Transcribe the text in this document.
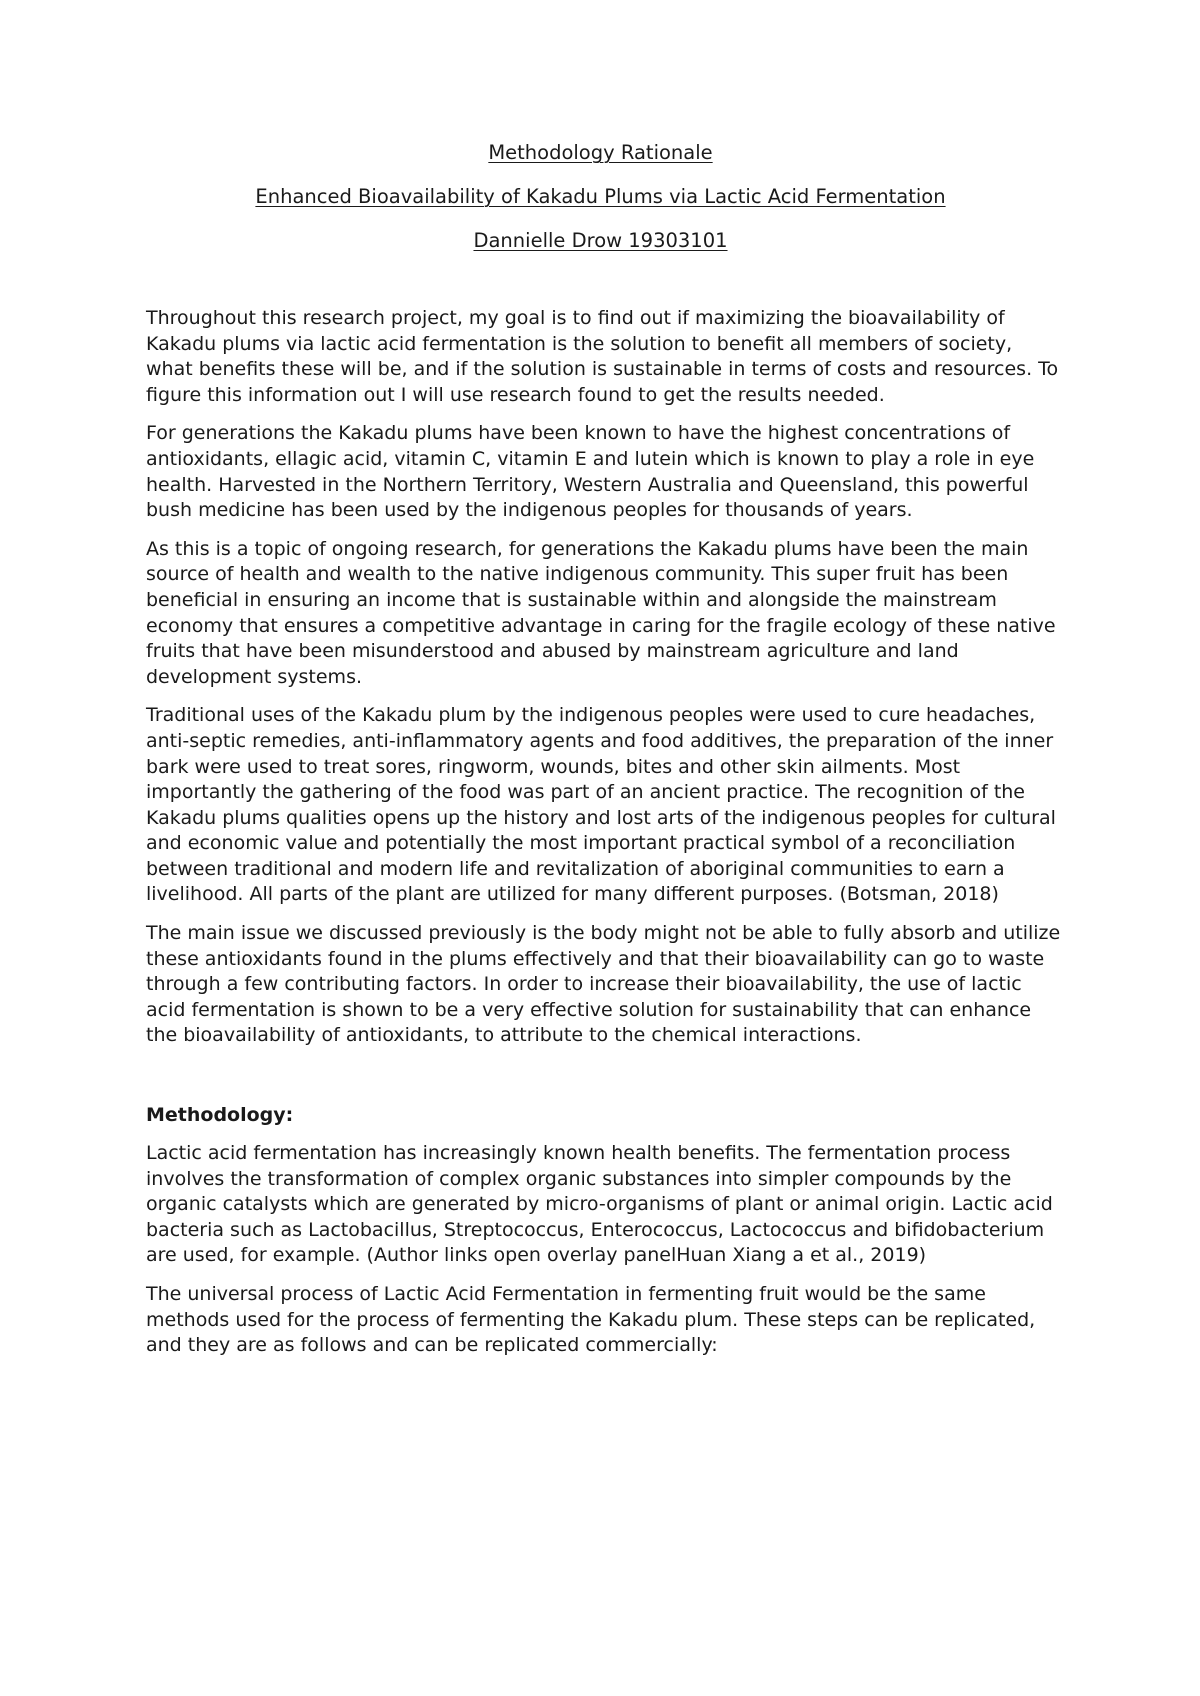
Methodology Rationale

Enhanced Bioavailability of Kakadu Plums via Lactic Acid Fermentation

Dannielle Drow 19303101

Throughout this research project, my goal is to find out if maximizing the bioavailability of Kakadu plums via lactic acid fermentation is the solution to benefit all members of society, what benefits these will be, and if the solution is sustainable in terms of costs and resources. To figure this information out I will use research found to get the results needed.

For generations the Kakadu plums have been known to have the highest concentrations of antioxidants, ellagic acid, vitamin C, vitamin E and lutein which is known to play a role in eye health. Harvested in the Northern Territory, Western Australia and Queensland, this powerful bush medicine has been used by the indigenous peoples for thousands of years.

As this is a topic of ongoing research, for generations the Kakadu plums have been the main source of health and wealth to the native indigenous community. This super fruit has been beneficial in ensuring an income that is sustainable within and alongside the mainstream economy that ensures a competitive advantage in caring for the fragile ecology of these native fruits that have been misunderstood and abused by mainstream agriculture and land development systems.

Traditional uses of the Kakadu plum by the indigenous peoples were used to cure headaches, anti-septic remedies, anti-inflammatory agents and food additives, the preparation of the inner bark were used to treat sores, ringworm, wounds, bites and other skin ailments. Most importantly the gathering of the food was part of an ancient practice. The recognition of the Kakadu plums qualities opens up the history and lost arts of the indigenous peoples for cultural and economic value and potentially the most important practical symbol of a reconciliation between traditional and modern life and revitalization of aboriginal communities to earn a livelihood. All parts of the plant are utilized for many different purposes. (Botsman, 2018)

The main issue we discussed previously is the body might not be able to fully absorb and utilize these antioxidants found in the plums effectively and that their bioavailability can go to waste through a few contributing factors. In order to increase their bioavailability, the use of lactic acid fermentation is shown to be a very effective solution for sustainability that can enhance the bioavailability of antioxidants, to attribute to the chemical interactions.

Methodology:

Lactic acid fermentation has increasingly known health benefits. The fermentation process involves the transformation of complex organic substances into simpler compounds by the organic catalysts which are generated by micro-organisms of plant or animal origin. Lactic acid bacteria such as Lactobacillus, Streptococcus, Enterococcus, Lactococcus and bifidobacterium are used, for example. (Author links open overlay panelHuan Xiang a et al., 2019)

The universal process of Lactic Acid Fermentation in fermenting fruit would be the same methods used for the process of fermenting the Kakadu plum. These steps can be replicated, and they are as follows and can be replicated commercially:
